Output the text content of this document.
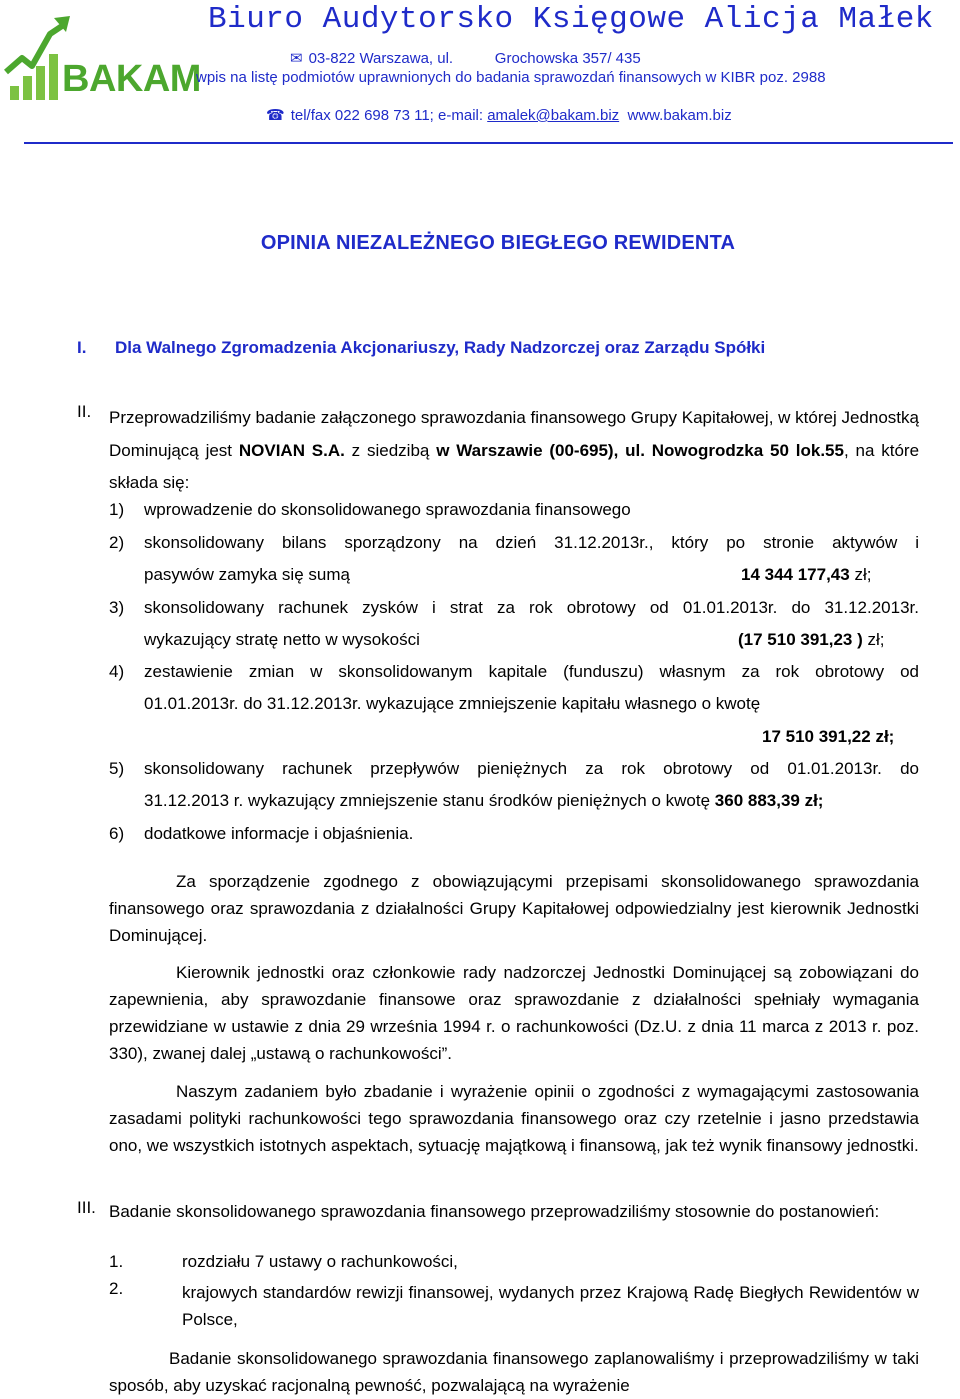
BAKAM
Biuro Audytorsko Księgowe Alicja Małek
✉ 03-822 Warszawa, ul.	Grochowska 357/ 435
wpis na listę podmiotów uprawnionych do badania sprawozdań finansowych w KIBR poz. 2988
☎ tel/fax 022 698 73 11; e-mail: amalek@bakam.biz www.bakam.biz
OPINIA NIEZALEŻNEGO BIEGŁEGO REWIDENTA
I. Dla Walnego Zgromadzenia Akcjonariuszy, Rady Nadzorczej oraz Zarządu Spółki
II. Przeprowadziliśmy badanie załączonego sprawozdania finansowego Grupy Kapitałowej, w której Jednostką Dominującą jest NOVIAN S.A. z siedzibą w Warszawie (00-695), ul. Nowogrodzka 50 lok.55, na które składa się:
1) wprowadzenie do skonsolidowanego sprawozdania finansowego
2) skonsolidowany bilans sporządzony na dzień 31.12.2013r., który po stronie aktywów i
pasywów zamyka się sumą	14 344 177,43 zł;
3) skonsolidowany rachunek zysków i strat za rok obrotowy od 01.01.2013r. do 31.12.2013r.
wykazujący stratę netto w wysokości	(17 510 391,23 ) zł;
4) zestawienie zmian w skonsolidowanym kapitale (funduszu) własnym za rok obrotowy od
01.01.2013r. do 31.12.2013r. wykazujące zmniejszenie kapitału własnego o kwotę
17 510 391,22 zł;
5) skonsolidowany rachunek przepływów pieniężnych za rok obrotowy od 01.01.2013r. do
31.12.2013 r. wykazujący zmniejszenie stanu środków pieniężnych o kwotę 360 883,39 zł;
6) dodatkowe informacje i objaśnienia.
Za sporządzenie zgodnego z obowiązującymi przepisami skonsolidowanego sprawozdania finansowego oraz sprawozdania z działalności Grupy Kapitałowej odpowiedzialny jest kierownik Jednostki Dominującej.
Kierownik jednostki oraz członkowie rady nadzorczej Jednostki Dominującej są zobowiązani do zapewnienia, aby sprawozdanie finansowe oraz sprawozdanie z działalności spełniały wymagania przewidziane w ustawie z dnia 29 września 1994 r. o rachunkowości (Dz.U. z dnia 11 marca z 2013 r. poz. 330), zwanej dalej „ustawą o rachunkowości”.
Naszym zadaniem było zbadanie i wyrażenie opinii o zgodności z wymagającymi zastosowania zasadami polityki rachunkowości tego sprawozdania finansowego oraz czy rzetelnie i jasno przedstawia ono, we wszystkich istotnych aspektach, sytuację majątkową i finansową, jak też wynik finansowy jednostki.
III. Badanie skonsolidowanego sprawozdania finansowego przeprowadziliśmy stosownie do postanowień:
1.	rozdziału 7 ustawy o rachunkowości,
2.	krajowych standardów rewizji finansowej, wydanych przez Krajową Radę Biegłych Rewidentów w Polsce,
Badanie skonsolidowanego sprawozdania finansowego zaplanowaliśmy i przeprowadziliśmy w taki sposób, aby uzyskać racjonalną pewność, pozwalającą na wyrażenie
